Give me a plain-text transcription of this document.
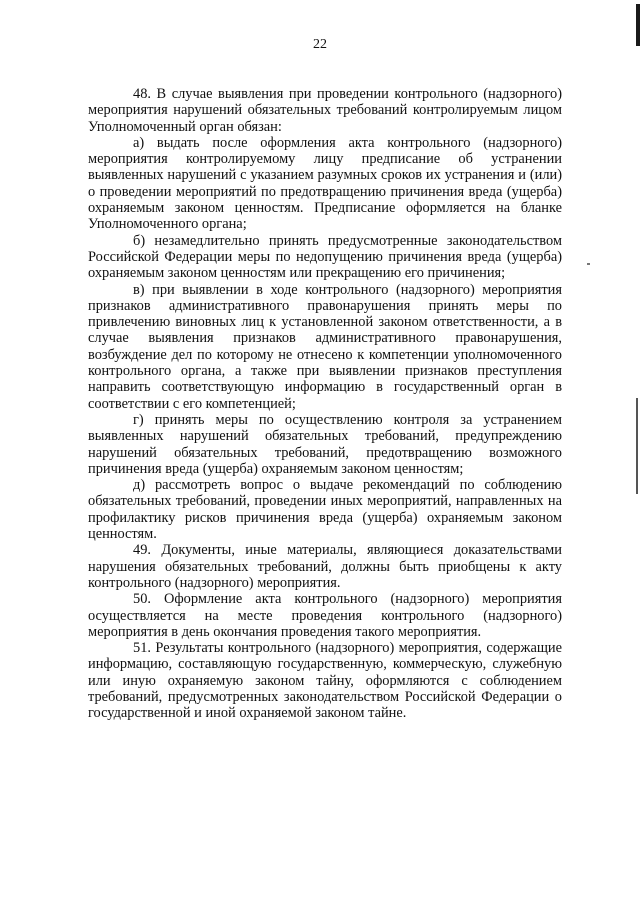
22

48. В случае выявления при проведении контрольного (надзорного) мероприятия нарушений обязательных требований контролируемым лицом Уполномоченный орган обязан:

а) выдать после оформления акта контрольного (надзорного) мероприятия контролируемому лицу предписание об устранении выявленных нарушений с указанием разумных сроков их устранения и (или) о проведении мероприятий по предотвращению причинения вреда (ущерба) охраняемым законом ценностям. Предписание оформляется на бланке Уполномоченного органа;

б) незамедлительно принять предусмотренные законодательством Российской Федерации меры по недопущению причинения вреда (ущерба) охраняемым законом ценностям или прекращению его причинения;

в) при выявлении в ходе контрольного (надзорного) мероприятия признаков административного правонарушения принять меры по привлечению виновных лиц к установленной законом ответственности, а в случае выявления признаков административного правонарушения, возбуждение дел по которому не отнесено к компетенции уполномоченного контрольного органа, а также при выявлении признаков преступления направить соответствующую информацию в государственный орган в соответствии с его компетенцией;

г) принять меры по осуществлению контроля за устранением выявленных нарушений обязательных требований, предупреждению нарушений обязательных требований, предотвращению возможного причинения вреда (ущерба) охраняемым законом ценностям;

д) рассмотреть вопрос о выдаче рекомендаций по соблюдению обязательных требований, проведении иных мероприятий, направленных на профилактику рисков причинения вреда (ущерба) охраняемым законом ценностям.

49. Документы, иные материалы, являющиеся доказательствами нарушения обязательных требований, должны быть приобщены к акту контрольного (надзорного) мероприятия.

50. Оформление акта контрольного (надзорного) мероприятия осуществляется на месте проведения контрольного (надзорного) мероприятия в день окончания проведения такого мероприятия.

51. Результаты контрольного (надзорного) мероприятия, содержащие информацию, составляющую государственную, коммерческую, служебную или иную охраняемую законом тайну, оформляются с соблюдением требований, предусмотренных законодательством Российской Федерации о государственной и иной охраняемой законом тайне.
